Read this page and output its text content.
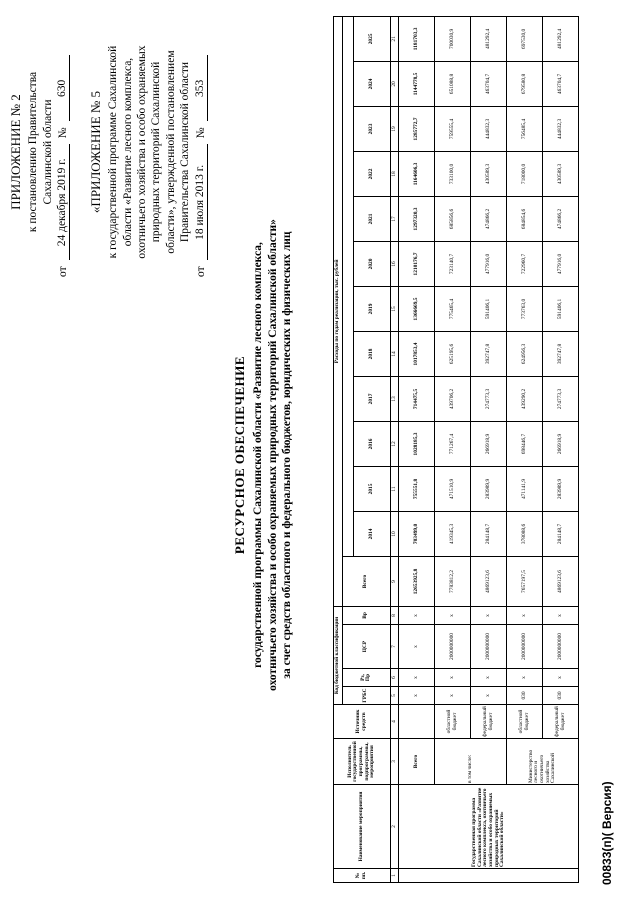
ПРИЛОЖЕНИЕ № 2 к постановлению Правительства Сахалинской области
от
24 декабря 2019 г.
№
630
«ПРИЛОЖЕНИЕ № 5 к государственной программе Сахалинской области «Развитие лесного комплекса, охотничьего хозяйства и особо охраняемых природных территорий Сахалинской области», утвержденной постановлением Правительства Сахалинской области
от
18 июля 2013 г.
№
353
РЕСУРСНОЕ ОБЕСПЕЧЕНИЕ государственной программы Сахалинской области «Развитие лесного комплекса, охотничьего хозяйства и особо охраняемых природных территорий Сахалинской области» за счет средств областного и федерального бюджетов, юридических и физических лиц
№ пп.	Наименование мероприятия	Исполнитель государственной программы, подпрограммы, мероприятия	Источник средств	Код бюджетной классификации				Расходы по годам реализации, тыс. рублей												
				ГРБС	Рз, Пр	ЦСР	Вр	Всего												
									2014	2015	2016	2017	2018	2019	2020	2021	2022	2023	2024	2025
1	2	3	4	5	6	7	8	9	10	11	12	13	14	15	16	17	18	19	20	21
	Государственная программа Сахалинской области «Развитие лесного комплекса, охотничьего хозяйства и особо охраняемых природных территорий Сахалинской области»	Всего		х	х	х	х	12653925,8	703499,0	755551,8	1028185,3	714475,5	1017853,4	1366669,5	1210176,7	1297320,3	1164606,3	1285772,7	1144778,5	1181703,3
		в том числе:	областной бюджет	х	х	2000000000	х	7783812,2	419345,3	471510,9	771267,4	439706,2	625195,6	775465,4	723140,7	685856,6	733100,0	759555,4	651088,8	700030,9
			федеральный бюджет	х	х	2000000000	х	4869123,6	284148,7	283989,9	266918,9	274773,3	392747,8	591406,1	477916,0	474866,2	430589,3	444832,3	463704,7	481292,4
		Министерство лесного и охотничьего хозяйства Сахалинской	областной бюджет	030	х	2000000000	х	7657197,5	378088,6	471141,9	698446,7	439290,2	624956,3	773763,0	722960,7	684854,6	718000,0	756485,4	679580,8	697530,0
			федеральный бюджет	030	х	2000000000	х	4869123,6	284148,7	283989,9	266918,9	274773,3	392747,8	591406,1	477916,0	474866,2	430589,3	444832,3	463704,7	481292,4
00833(п)( Версия)
